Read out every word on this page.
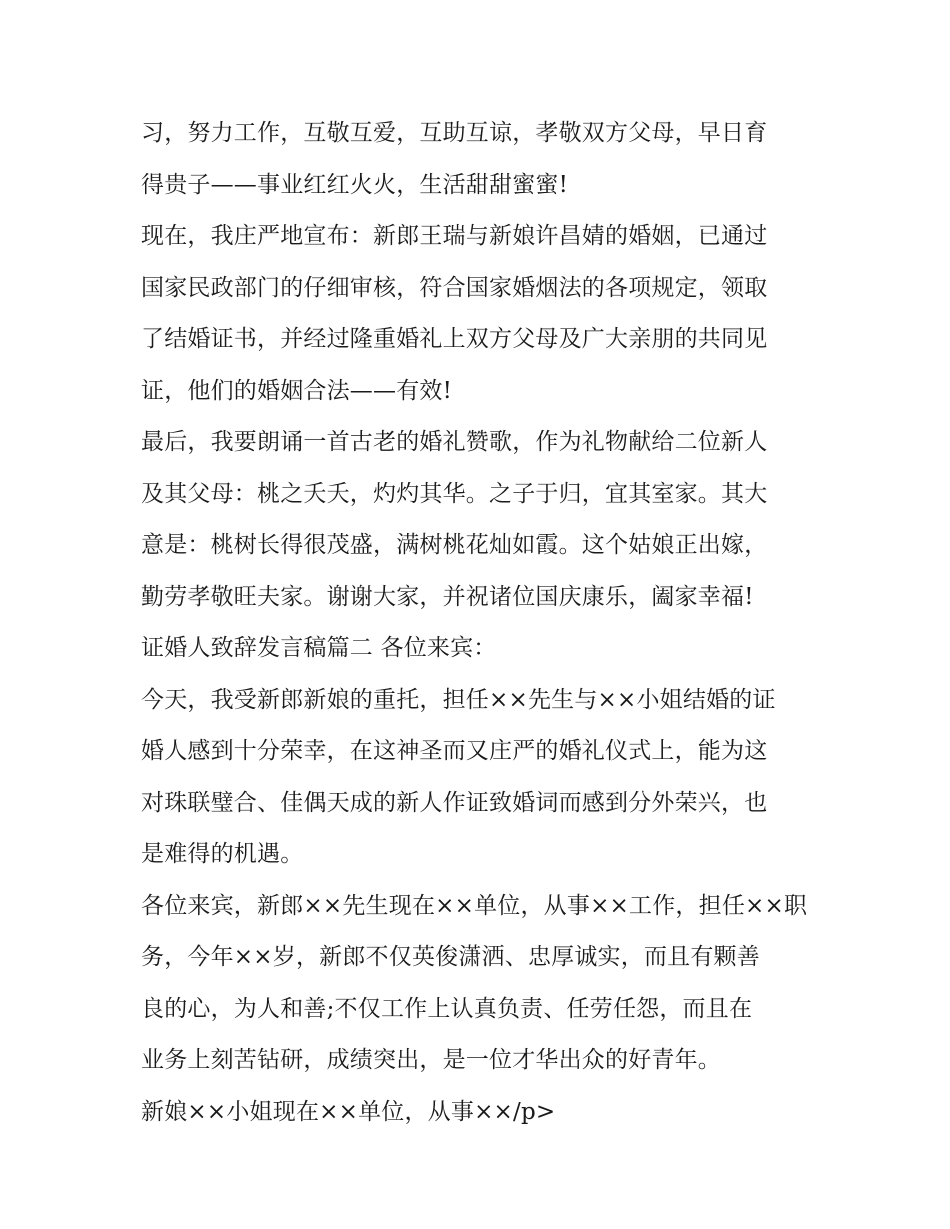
习，努力工作，互敬互爱，互助互谅，孝敬双方父母，早日育
得贵子——事业红红火火，生活甜甜蜜蜜!
现在，我庄严地宣布：新郎王瑞与新娘许昌婧的婚姻，已通过
国家民政部门的仔细审核，符合国家婚烟法的各项规定，领取
了结婚证书，并经过隆重婚礼上双方父母及广大亲朋的共同见
证，他们的婚姻合法——有效!
最后，我要朗诵一首古老的婚礼赞歌，作为礼物献给二位新人
及其父母：桃之夭夭，灼灼其华。之子于归，宜其室家。其大
意是：桃树长得很茂盛，满树桃花灿如霞。这个姑娘正出嫁，
勤劳孝敬旺夫家。谢谢大家，并祝诸位国庆康乐，阖家幸福!
证婚人致辞发言稿篇二 各位来宾：
今天，我受新郎新娘的重托，担任××先生与××小姐结婚的证
婚人感到十分荣幸，在这神圣而又庄严的婚礼仪式上，能为这
对珠联璧合、佳偶天成的新人作证致婚词而感到分外荣兴，也
是难得的机遇。
各位来宾，新郎××先生现在××单位，从事××工作，担任××职
务，今年××岁，新郎不仅英俊潇洒、忠厚诚实，而且有颗善
良的心，为人和善;不仅工作上认真负责、任劳任怨，而且在
业务上刻苦钻研，成绩突出，是一位才华出众的好青年。
新娘××小姐现在××单位，从事××/p>
